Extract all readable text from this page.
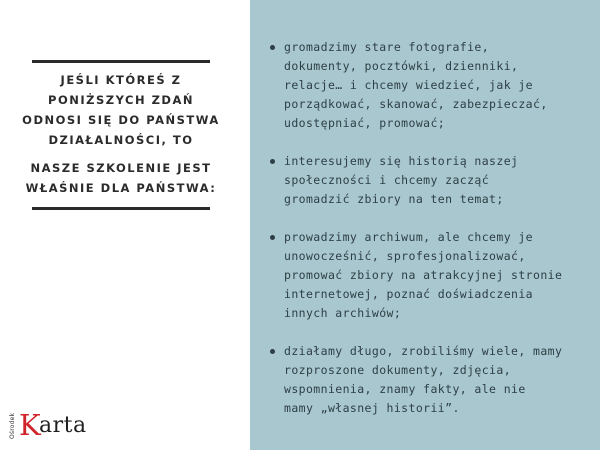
JEŚLI KTÓREŚ Z
PONIŻSZYCH ZDAŃ
ODNOSI SIĘ DO PAŃSTWA
DZIAŁALNOŚCI, TO
NASZE SZKOLENIE JEST
WŁAŚNIE DLA PAŃSTWA:
Ośrodek K
arta
gromadzimy stare fotografie,
dokumenty, pocztówki, dzienniki,
relacje… i chcemy wiedzieć, jak je
porządkować, skanować, zabezpieczać,
udostępniać, promować;
interesujemy się historią naszej
społeczności i chcemy zacząć
gromadzić zbiory na ten temat;
prowadzimy archiwum, ale chcemy je
unowocześnić, sprofesjonalizować,
promować zbiory na atrakcyjnej stronie
internetowej, poznać doświadczenia
innych archiwów;
działamy długo, zrobiliśmy wiele, mamy
rozproszone dokumenty, zdjęcia,
wspomnienia, znamy fakty, ale nie
mamy „własnej historii”.
